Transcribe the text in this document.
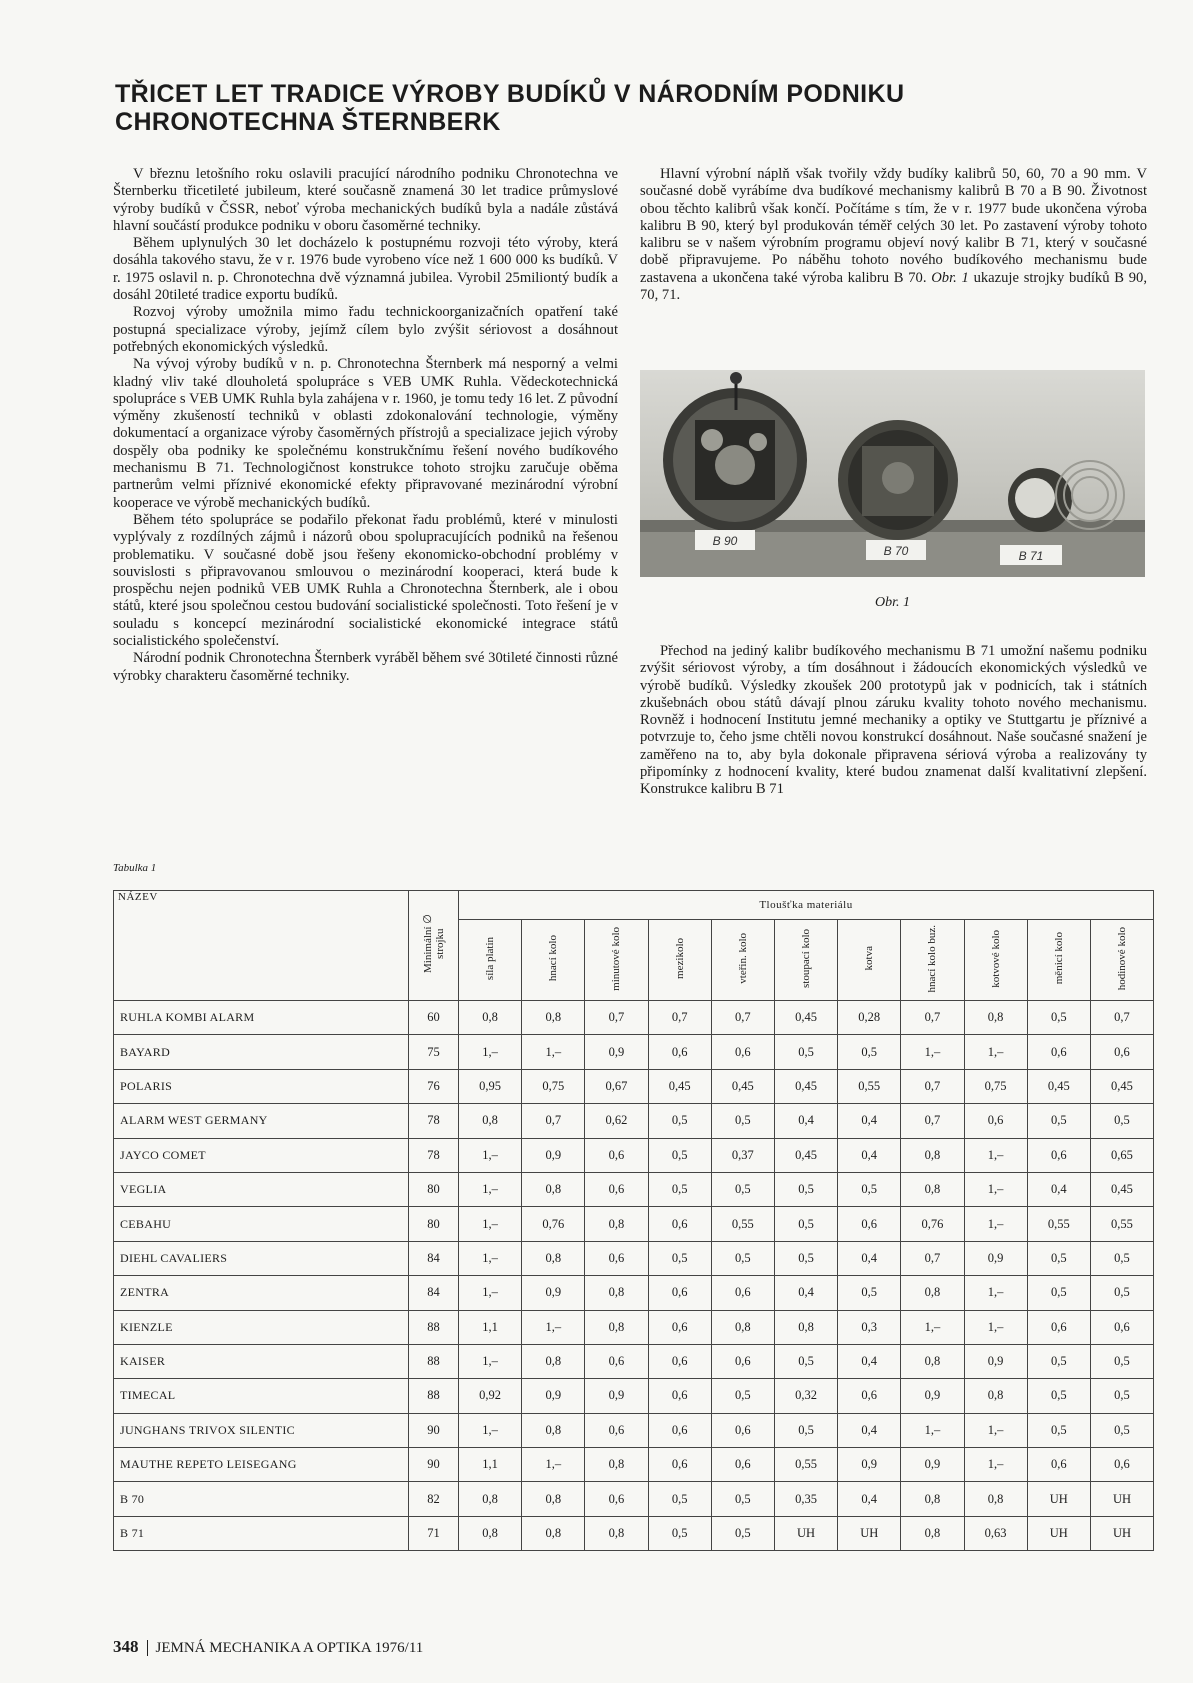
TŘICET LET TRADICE VÝROBY BUDÍKŮ V NÁRODNÍM PODNIKU CHRONOTECHNA ŠTERNBERK

V březnu letošního roku oslavili pracující národního podniku Chronotechna ve Šternberku třicetileté jubileum, které současně znamená 30 let tradice průmyslové výroby budíků v ČSSR, neboť výroba mechanických budíků byla a nadále zůstává hlavní součástí produkce podniku v oboru časoměrné techniky.

Během uplynulých 30 let docházelo k postupnému rozvoji této výroby, která dosáhla takového stavu, že v r. 1976 bude vyrobeno více než 1 600 000 ks budíků. V r. 1975 oslavil n. p. Chronotechna dvě významná jubilea. Vyrobil 25miliontý budík a dosáhl 20tileté tradice exportu budíků.

Rozvoj výroby umožnila mimo řadu technickoorganizačních opatření také postupná specializace výroby, jejímž cílem bylo zvýšit sériovost a dosáhnout potřebných ekonomických výsledků.

Na vývoj výroby budíků v n. p. Chronotechna Šternberk má nesporný a velmi kladný vliv také dlouholetá spolupráce s VEB UMK Ruhla. Vědeckotechnická spolupráce s VEB UMK Ruhla byla zahájena v r. 1960, je tomu tedy 16 let. Z původní výměny zkušeností techniků v oblasti zdokonalování technologie, výměny dokumentací a organizace výroby časoměrných přístrojů a specializace jejich výroby dospěly oba podniky ke společnému konstrukčnímu řešení nového budíkového mechanismu B 71. Technologičnost konstrukce tohoto strojku zaručuje oběma partnerům velmi příznivé ekonomické efekty připravované mezinárodní výrobní kooperace ve výrobě mechanických budíků.

Během této spolupráce se podařilo překonat řadu problémů, které v minulosti vyplývaly z rozdílných zájmů i názorů obou spolupracujících podniků na řešenou problematiku. V současné době jsou řešeny ekonomicko-obchodní problémy v souvislosti s připravovanou smlouvou o mezinárodní kooperaci, která bude k prospěchu nejen podniků VEB UMK Ruhla a Chronotechna Šternberk, ale i obou států, které jsou společnou cestou budování socialistické společnosti. Toto řešení je v souladu s koncepcí mezinárodní socialistické ekonomické integrace států socialistického společenství.

Národní podnik Chronotechna Šternberk vyráběl během své 30tileté činnosti různé výrobky charakteru časoměrné techniky.

Hlavní výrobní náplň však tvořily vždy budíky kalibrů 50, 60, 70 a 90 mm. V současné době vyrábíme dva budíkové mechanismy kalibrů B 70 a B 90. Životnost obou těchto kalibrů však končí. Počítáme s tím, že v r. 1977 bude ukončena výroba kalibru B 90, který byl produkován téměř celých 30 let. Po zastavení výroby tohoto kalibru se v našem výrobním programu objeví nový kalibr B 71, který v současné době připravujeme. Po náběhu tohoto nového budíkového mechanismu bude zastavena a ukončena také výroba kalibru B 70. Obr. 1 ukazuje strojky budíků B 90, 70, 71.

B 90
B 70	B 71
Obr. 1

Přechod na jediný kalibr budíkového mechanismu B 71 umožní našemu podniku zvýšit sériovost výroby, a tím dosáhnout i žádoucích ekonomických výsledků ve výrobě budíků. Výsledky zkoušek 200 prototypů jak v podnicích, tak i státních zkušebnách obou států dávají plnou záruku kvality tohoto nového mechanismu. Rovněž i hodnocení Institutu jemné mechaniky a optiky ve Stuttgartu je příznivé a potvrzuje to, čeho jsme chtěli novou konstrukcí dosáhnout. Naše současné snažení je zaměřeno na to, aby byla dokonale připravena sériová výroba a realizovány ty připomínky z hodnocení kvality, které budou znamenat další kvalitativní zlepšení. Konstrukce kalibru B 71

Tabulka 1
NÁZEV	Minimální ∅ strojku	Tloušťka materiálu										
		síla platin	hnací kolo	minutové kolo	mezikolo	vteřin. kolo	stoupací kolo	kotva	hnací kolo buz.	kotvové kolo	měnicí kolo	hodinové kolo
RUHLA KOMBI ALARM	60	0,8	0,8	0,7	0,7	0,7	0,45	0,28	0,7	0,8	0,5	0,7
BAYARD	75	1,–	1,–	0,9	0,6	0,6	0,5	0,5	1,–	1,–	0,6	0,6
POLARIS	76	0,95	0,75	0,67	0,45	0,45	0,45	0,55	0,7	0,75	0,45	0,45
ALARM WEST GERMANY	78	0,8	0,7	0,62	0,5	0,5	0,4	0,4	0,7	0,6	0,5	0,5
JAYCO COMET	78	1,–	0,9	0,6	0,5	0,37	0,45	0,4	0,8	1,–	0,6	0,65
VEGLIA	80	1,–	0,8	0,6	0,5	0,5	0,5	0,5	0,8	1,–	0,4	0,45
CEBAHU	80	1,–	0,76	0,8	0,6	0,55	0,5	0,6	0,76	1,–	0,55	0,55
DIEHL CAVALIERS	84	1,–	0,8	0,6	0,5	0,5	0,5	0,4	0,7	0,9	0,5	0,5
ZENTRA	84	1,–	0,9	0,8	0,6	0,6	0,4	0,5	0,8	1,–	0,5	0,5
KIENZLE	88	1,1	1,–	0,8	0,6	0,8	0,8	0,3	1,–	1,–	0,6	0,6
KAISER	88	1,–	0,8	0,6	0,6	0,6	0,5	0,4	0,8	0,9	0,5	0,5
TIMECAL	88	0,92	0,9	0,9	0,6	0,5	0,32	0,6	0,9	0,8	0,5	0,5
JUNGHANS TRIVOX SILENTIC	90	1,–	0,8	0,6	0,6	0,6	0,5	0,4	1,–	1,–	0,5	0,5
MAUTHE REPETO LEISEGANG	90	1,1	1,–	0,8	0,6	0,6	0,55	0,9	0,9	1,–	0,6	0,6
B 70	82	0,8	0,8	0,6	0,5	0,5	0,35	0,4	0,8	0,8	UH	UH
B 71	71	0,8	0,8	0,8	0,5	0,5	UH	UH	0,8	0,63	UH	UH
348 JEMNÁ MECHANIKA A OPTIKA 1976/11
